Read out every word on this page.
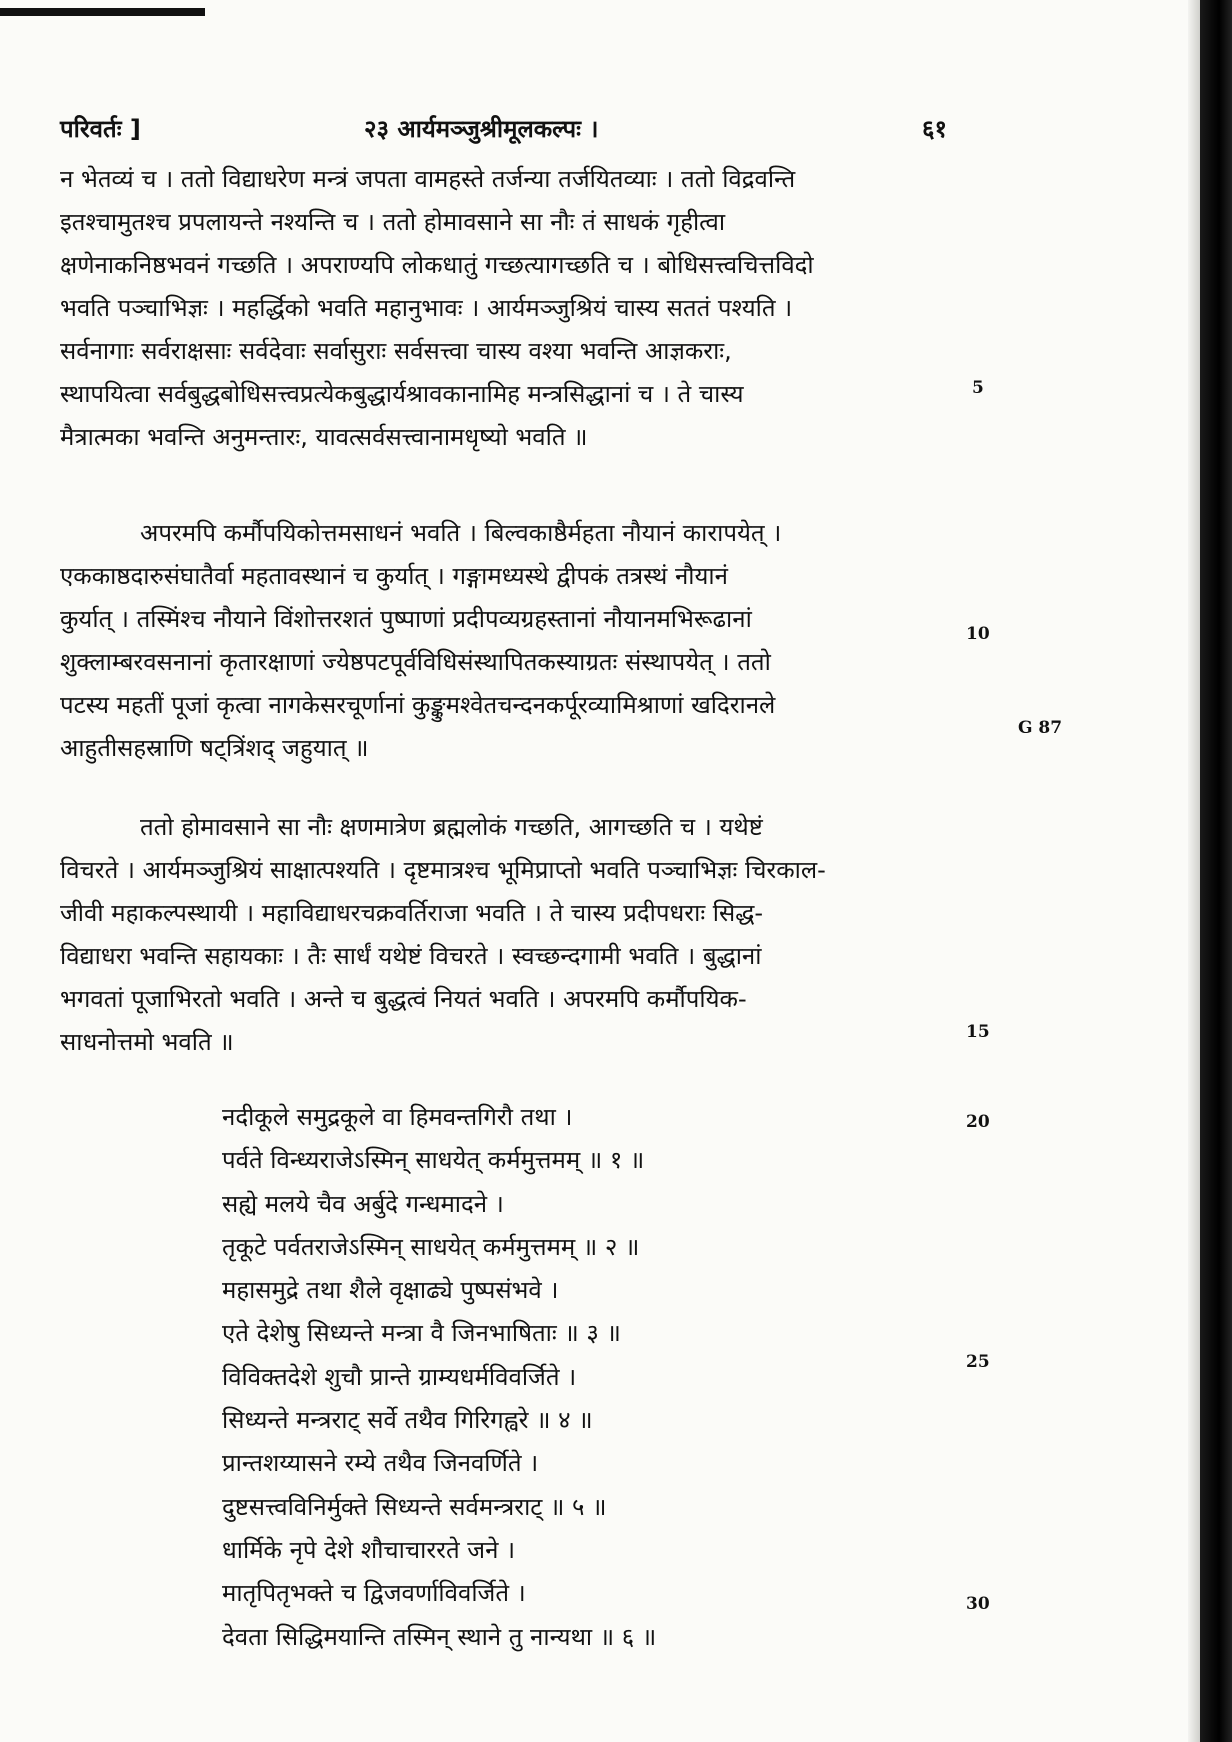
परिवर्तः ]	२३ आर्यमञ्जुश्रीमूलकल्पः ।	६१
न भेतव्यं च । ततो विद्याधरेण मन्त्रं जपता वामहस्ते तर्जन्या तर्जयितव्याः । ततो विद्रवन्ति
इतश्चामुतश्च प्रपलायन्ते नश्यन्ति च । ततो होमावसाने सा नौः तं साधकं गृहीत्वा
क्षणेनाकनिष्ठभवनं गच्छति । अपराण्यपि लोकधातुं गच्छत्यागच्छति च । बोधिसत्त्वचित्तविदो
भवति पञ्चाभिज्ञः । महर्द्धिको भवति महानुभावः । आर्यमञ्जुश्रियं चास्य सततं पश्यति ।
सर्वनागाः सर्वराक्षसाः सर्वदेवाः सर्वासुराः सर्वसत्त्वा चास्य वश्या भवन्ति आज्ञकराः,
स्थापयित्वा सर्वबुद्धबोधिसत्त्वप्रत्येकबुद्धार्यश्रावकानामिह मन्त्रसिद्धानां च । ते चास्य
मैत्रात्मका भवन्ति अनुमन्तारः, यावत्सर्वसत्त्वानामधृष्यो भवति ॥
अपरमपि कर्मौपयिकोत्तमसाधनं भवति । बिल्वकाष्ठैर्महता नौयानं कारापयेत् ।
एककाष्ठदारुसंघातैर्वा महतावस्थानं च कुर्यात् । गङ्गामध्यस्थे द्वीपकं तत्रस्थं नौयानं
कुर्यात् । तस्मिंश्च नौयाने विंशोत्तरशतं पुष्पाणां प्रदीपव्यग्रहस्तानां नौयानमभिरूढानां
शुक्लाम्बरवसनानां कृतारक्षाणां ज्येष्ठपटपूर्वविधिसंस्थापितकस्याग्रतः संस्थापयेत् । ततो
पटस्य महतीं पूजां कृत्वा नागकेसरचूर्णानां कुङ्कुमश्वेतचन्दनकर्पूरव्यामिश्राणां खदिरानले
आहुतीसहस्राणि षट्त्रिंशद् जहुयात् ॥
ततो होमावसाने सा नौः क्षणमात्रेण ब्रह्मलोकं गच्छति, आगच्छति च । यथेष्टं
विचरते । आर्यमञ्जुश्रियं साक्षात्पश्यति । दृष्टमात्रश्च भूमिप्राप्तो भवति पञ्चाभिज्ञः चिरकाल-
जीवी महाकल्पस्थायी । महाविद्याधरचक्रवर्तिराजा भवति । ते चास्य प्रदीपधराः सिद्ध-
विद्याधरा भवन्ति सहायकाः । तैः सार्धं यथेष्टं विचरते । स्वच्छन्दगामी भवति । बुद्धानां
भगवतां पूजाभिरतो भवति । अन्ते च बुद्धत्वं नियतं भवति । अपरमपि कर्मौपयिक-
साधनोत्तमो भवति ॥
नदीकूले समुद्रकूले वा हिमवन्तगिरौ तथा ।
पर्वते विन्ध्यराजेऽस्मिन् साधयेत् कर्ममुत्तमम् ॥ १ ॥
सह्ये मलये चैव अर्बुदे गन्धमादने ।
तृकूटे पर्वतराजेऽस्मिन् साधयेत् कर्ममुत्तमम् ॥ २ ॥
महासमुद्रे तथा शैले वृक्षाढ्ये पुष्पसंभवे ।
एते देशेषु सिध्यन्ते मन्त्रा वै जिनभाषिताः ॥ ३ ॥
विविक्तदेशे शुचौ प्रान्ते ग्राम्यधर्मविवर्जिते ।
सिध्यन्ते मन्त्रराट् सर्वे तथैव गिरिगह्वरे ॥ ४ ॥
प्रान्तशय्यासने रम्ये तथैव जिनवर्णिते ।
दुष्टसत्त्वविनिर्मुक्ते सिध्यन्ते सर्वमन्त्रराट् ॥ ५ ॥
धार्मिके नृपे देशे शौचाचाररते जने ।
मातृपितृभक्ते च द्विजवर्णाविवर्जिते ।
देवता सिद्धिमयान्ति तस्मिन् स्थाने तु नान्यथा ॥ ६ ॥
5
10
G 87
15
20
25
30
